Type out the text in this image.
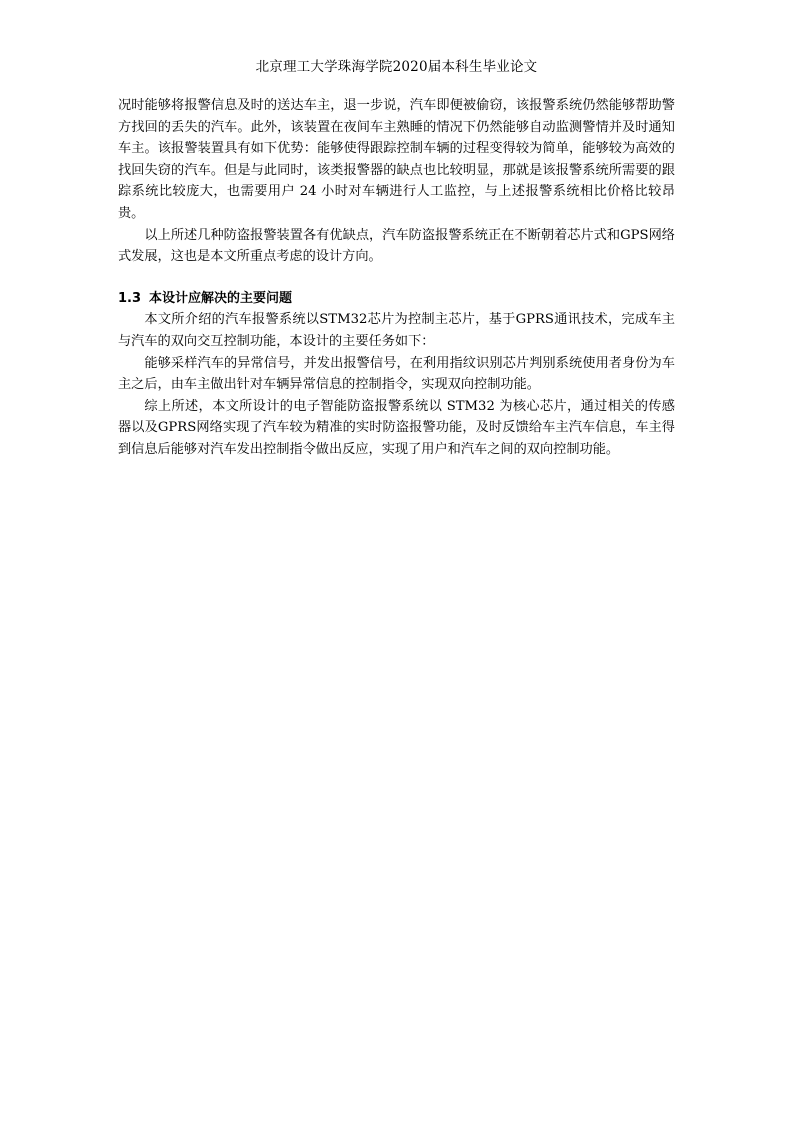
北京理工大学珠海学院2020届本科生毕业论文

况时能够将报警信息及时的送达车主，退一步说，汽车即便被偷窃，该报警系统仍然能够帮助警方找回的丢失的汽车。此外，该装置在夜间车主熟睡的情况下仍然能够自动监测警情并及时通知车主。该报警装置具有如下优势：能够使得跟踪控制车辆的过程变得较为简单，能够较为高效的找回失窃的汽车。但是与此同时，该类报警器的缺点也比较明显，那就是该报警系统所需要的跟踪系统比较庞大，也需要用户 24 小时对车辆进行人工监控，与上述报警系统相比价格比较昂贵。

以上所述几种防盗报警装置各有优缺点，汽车防盗报警系统正在不断朝着芯片式和GPS网络式发展，这也是本文所重点考虑的设计方向。

1.3 本设计应解决的主要问题

本文所介绍的汽车报警系统以STM32芯片为控制主芯片，基于GPRS通讯技术，完成车主与汽车的双向交互控制功能，本设计的主要任务如下：

能够采样汽车的异常信号，并发出报警信号，在利用指纹识别芯片判别系统使用者身份为车主之后，由车主做出针对车辆异常信息的控制指令，实现双向控制功能。

综上所述，本文所设计的电子智能防盗报警系统以 STM32 为核心芯片，通过相关的传感器以及GPRS网络实现了汽车较为精准的实时防盗报警功能，及时反馈给车主汽车信息，车主得到信息后能够对汽车发出控制指令做出反应，实现了用户和汽车之间的双向控制功能。
